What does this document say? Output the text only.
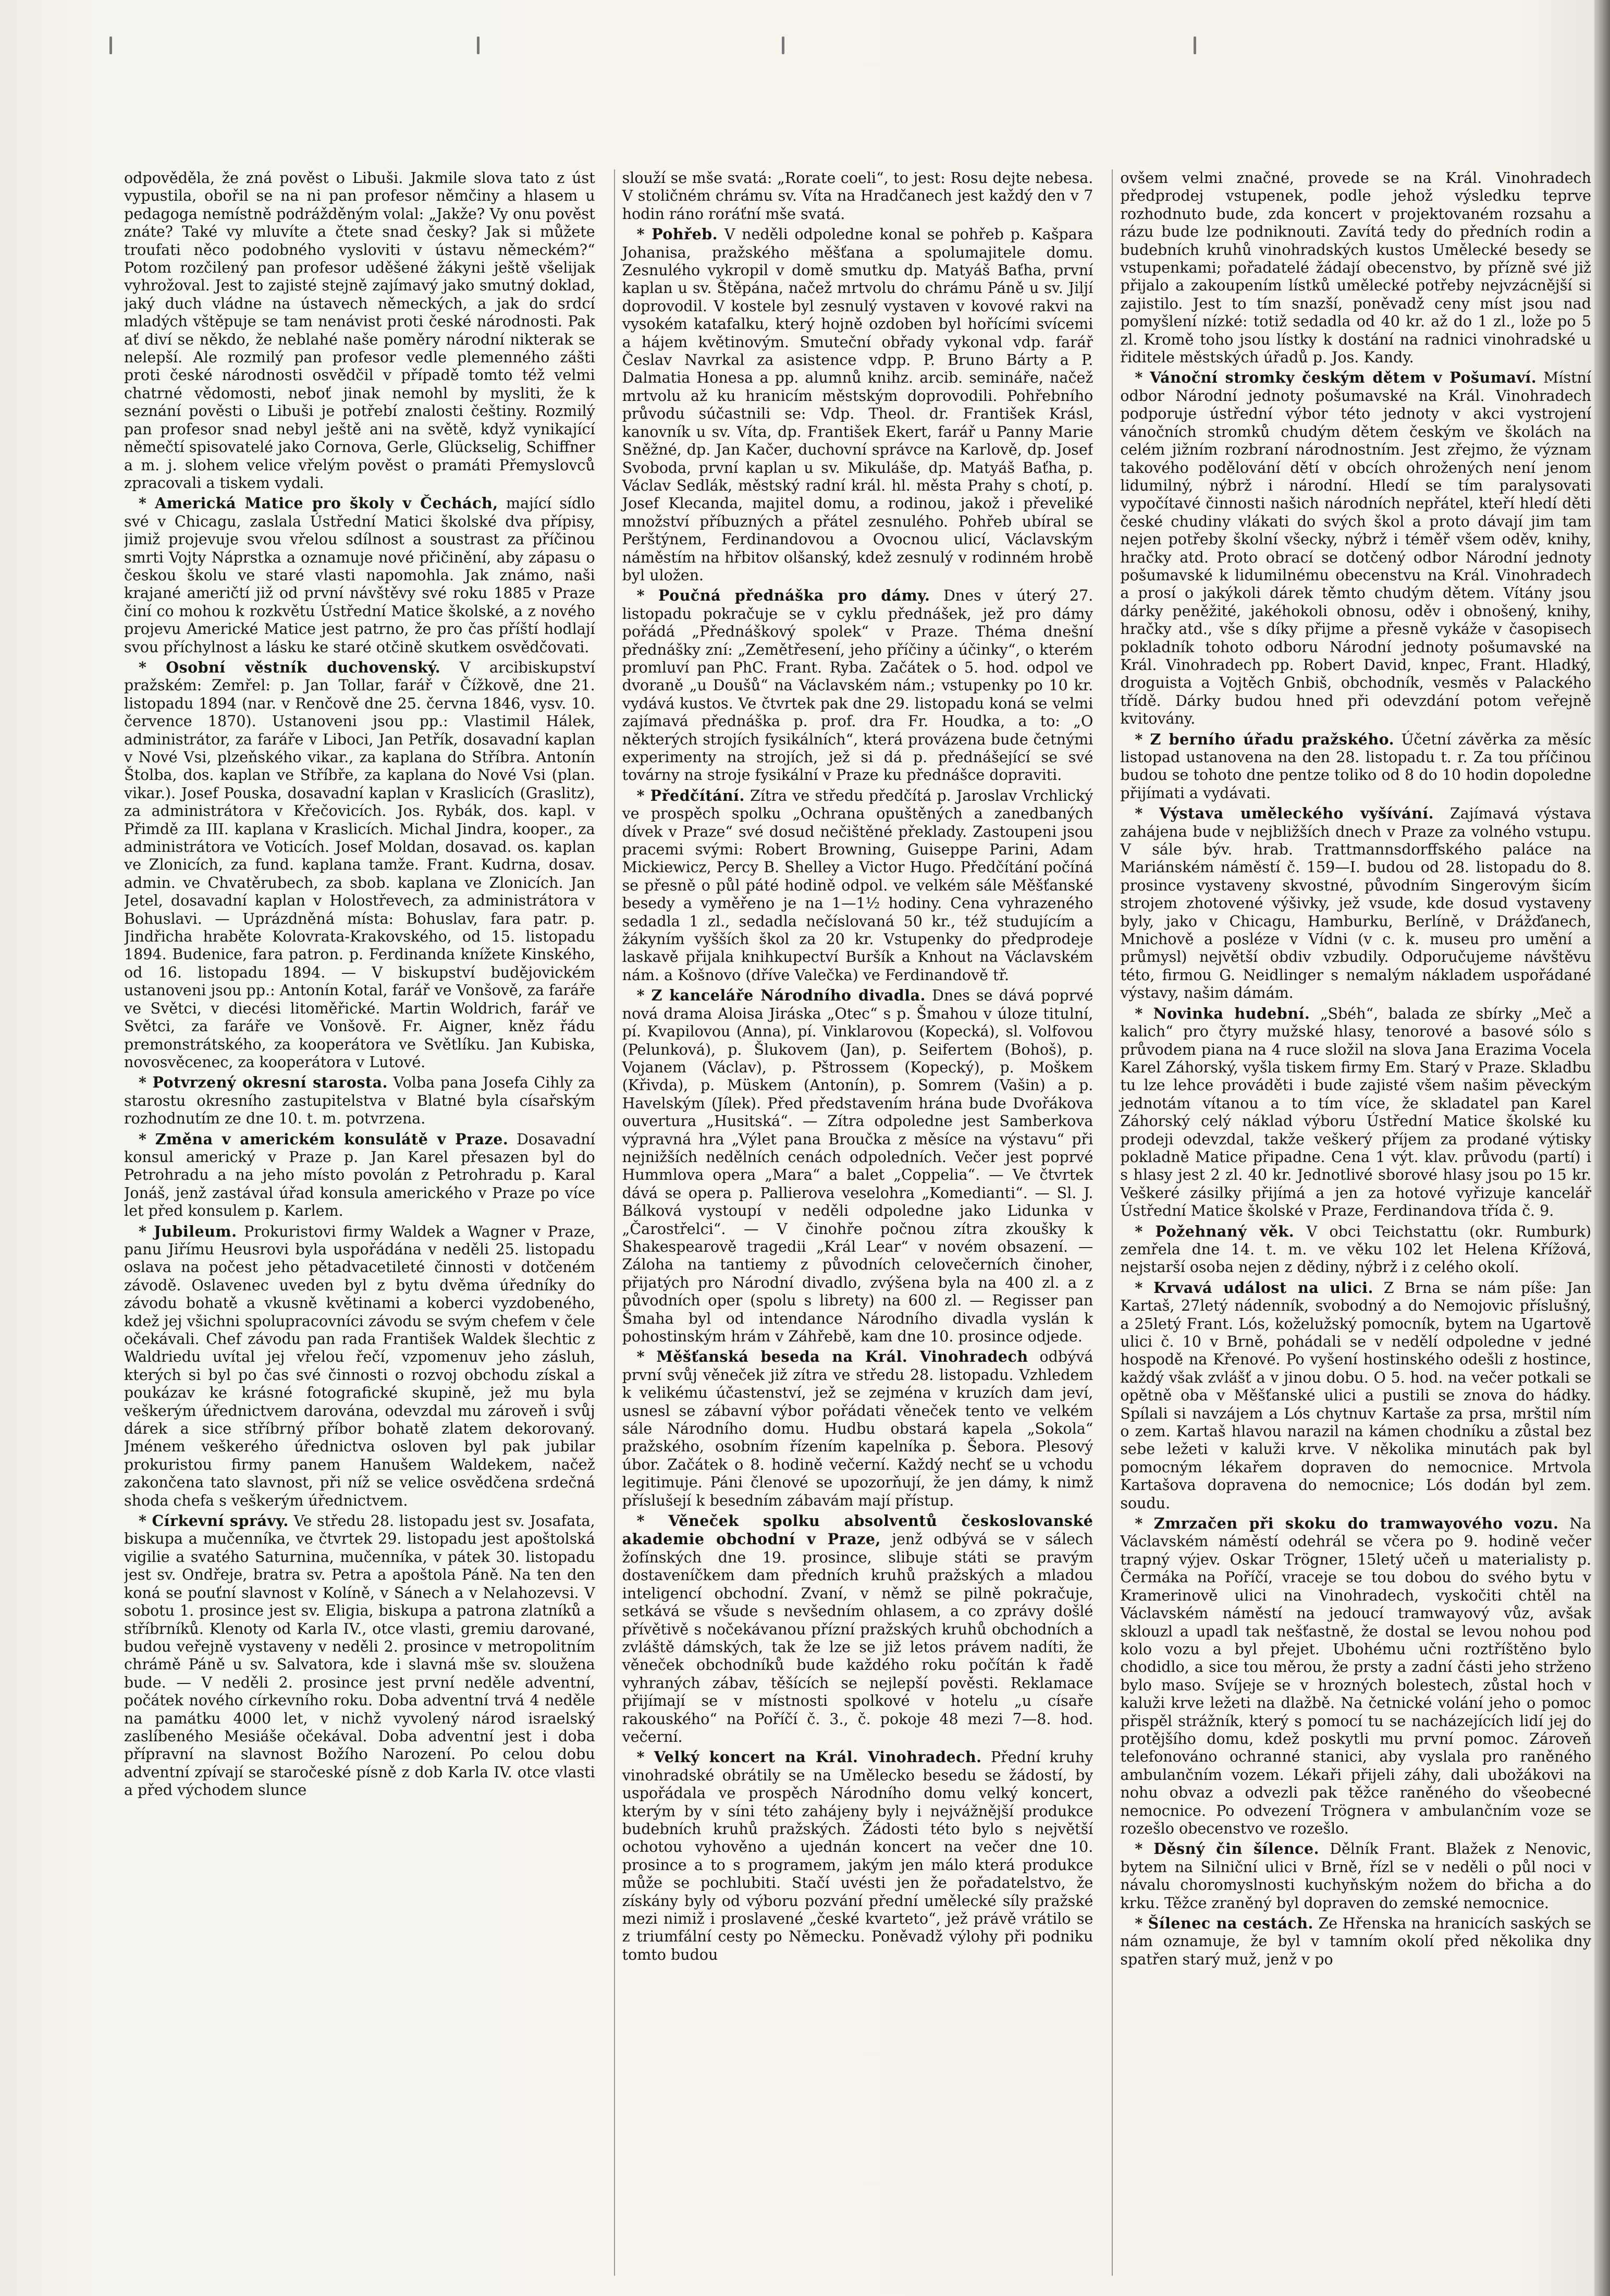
odpověděla, že zná pověst o Libuši. Jakmile slova tato z úst vypustila, obořil se na ni pan profesor němčiny a hlasem u pedagoga nemístně podrážděným volal: „Jakže? Vy onu pověst znáte? Také vy mluvíte a čtete snad česky? Jak si můžete troufati něco podobného vysloviti v ústavu německém?“ Potom rozčilený pan profesor uděšené žákyni ještě všelijak vyhrožoval. Jest to zajisté stejně zajímavý jako smutný doklad, jaký duch vládne na ústavech německých, a jak do srdcí mladých vštěpuje se tam nenávist proti české národnosti. Pak ať diví se někdo, že neblahé naše poměry národní nikterak se nelepší. Ale rozmilý pan profesor vedle plemenného zášti proti české národnosti osvědčil v případě tomto též velmi chatrné vědomosti, neboť jinak nemohl by mysliti, že k seznání pověsti o Libuši je potřebí znalosti češtiny. Rozmilý pan profesor snad nebyl ještě ani na světě, když vynikající němečtí spisovatelé jako Cornova, Gerle, Glückselig, Schiffner a m. j. slohem velice vřelým pověst o pramáti Přemyslovců zpracovali a tiskem vydali.

* Americká Matice pro školy v Čechách, mající sídlo své v Chicagu, zaslala Ústřední Matici školské dva přípisy, jimiž projevuje svou vřelou sdílnost a soustrast za příčinou smrti Vojty Náprstka a oznamuje nové přičinění, aby zápasu o českou školu ve staré vlasti napomohla. Jak známo, naši krajané američtí již od první návštěvy své roku 1885 v Praze činí co mohou k rozkvětu Ústřední Matice školské, a z nového projevu Americké Matice jest patrno, že pro čas příští hodlají svou příchylnost a lásku ke staré otčině skutkem osvědčovati.

* Osobní věstník duchovenský. V arcibiskupství pražském: Zemřel: p. Jan Tollar, farář v Čížkově, dne 21. listopadu 1894 (nar. v Renčově dne 25. června 1846, vysv. 10. července 1870). Ustanoveni jsou pp.: Vlastimil Hálek, administrátor, za faráře v Liboci, Jan Petřík, dosavadní kaplan v Nové Vsi, plzeňského vikar., za kaplana do Stříbra. Antonín Štolba, dos. kaplan ve Stříbře, za kaplana do Nové Vsi (plan. vikar.). Josef Pouska, dosavadní kaplan v Kraslicích (Graslitz), za administrátora v Křečovicích. Jos. Rybák, dos. kapl. v Přimdě za III. kaplana v Kraslicích. Michal Jindra, kooper., za administrátora ve Voticích. Josef Moldan, dosavad. os. kaplan ve Zlonicích, za fund. kaplana tamže. Frant. Kudrna, dosav. admin. ve Chvatěrubech, za sbob. kaplana ve Zlonicích. Jan Jetel, dosavadní kaplan v Holostřevech, za administrátora v Bohuslavi. — Uprázdněná místa: Bohuslav, fara patr. p. Jindřicha hraběte Kolovrata-Krakovského, od 15. listopadu 1894. Budenice, fara patron. p. Ferdinanda knížete Kinského, od 16. listopadu 1894. — V biskupství budějovickém ustanoveni jsou pp.: Antonín Kotal, farář ve Vonšově, za faráře ve Světci, v diecési litoměřické. Martin Woldrich, farář ve Světci, za faráře ve Vonšově. Fr. Aigner, kněz řádu premonstrátského, za kooperátora ve Světlíku. Jan Kubiska, novosvěcenec, za kooperátora v Lutové.

* Potvrzený okresní starosta. Volba pana Josefa Cihly za starostu okresního zastupitelstva v Blatné byla císařským rozhodnutím ze dne 10. t. m. potvrzena.

* Změna v americkém konsulátě v Praze. Dosavadní konsul americký v Praze p. Jan Karel přesazen byl do Petrohradu a na jeho místo povolán z Petrohradu p. Karal Jonáš, jenž zastával úřad konsula amerického v Praze po více let před konsulem p. Karlem.

* Jubileum. Prokuristovi firmy Waldek a Wagner v Praze, panu Jiřímu Heusrovi byla uspořádána v neděli 25. listopadu oslava na počest jeho pětadvacetileté činnosti v dotčeném závodě. Oslavenec uveden byl z bytu dvěma úředníky do závodu bohatě a vkusně květinami a koberci vyzdobeného, kdež jej všichni spolupracovníci závodu se svým chefem v čele očekávali. Chef závodu pan rada František Waldek šlechtic z Waldriedu uvítal jej vřelou řečí, vzpomenuv jeho zásluh, kterých si byl po čas své činnosti o rozvoj obchodu získal a poukázav ke krásné fotografické skupině, jež mu byla veškerým úřednictvem darována, odevzdal mu zároveň i svůj dárek a sice stříbrný příbor bohatě zlatem dekorovaný. Jménem veškerého úřednictva osloven byl pak jubilar prokuristou firmy panem Hanušem Waldekem, načež zakončena tato slavnost, při níž se velice osvědčena srdečná shoda chefa s veškerým úřednictvem.

* Církevní správy. Ve středu 28. listopadu jest sv. Josafata, biskupa a mučenníka, ve čtvrtek 29. listopadu jest apoštolská vigilie a svatého Saturnina, mučenníka, v pátek 30. listopadu jest sv. Ondřeje, bratra sv. Petra a apoštola Páně. Na ten den koná se pouťní slavnost v Kolíně, v Sánech a v Nelahozevsi. V sobotu 1. prosince jest sv. Eligia, biskupa a patrona zlatníků a stříbrníků. Klenoty od Karla IV., otce vlasti, gremiu darované, budou veřejně vystaveny v neděli 2. prosince v metropolitním chrámě Páně u sv. Salvatora, kde i slavná mše sv. sloužena bude. — V neděli 2. prosince jest první neděle adventní, počátek nového církevního roku. Doba adventní trvá 4 neděle na památku 4000 let, v nichž vyvolený národ israelský zaslíbeného Mesiáše očekával. Doba adventní jest i doba přípravní na slavnost Božího Narození. Po celou dobu adventní zpívají se staročeské písně z dob Karla IV. otce vlasti a před východem slunce

slouží se mše svatá: „Rorate coeli“, to jest: Rosu dejte nebesa. V stoličném chrámu sv. Víta na Hradčanech jest každý den v 7 hodin ráno roráťní mše svatá.

* Pohřeb. V neděli odpoledne konal se pohřeb p. Kašpara Johanisa, pražského měšťana a spolumajitele domu. Zesnulého vykropil v domě smutku dp. Matyáš Baťha, první kaplan u sv. Štěpána, načež mrtvolu do chrámu Páně u sv. Jiljí doprovodil. V kostele byl zesnulý vystaven v kovové rakvi na vysokém katafalku, který hojně ozdoben byl hořícími svícemi a hájem květinovým. Smuteční obřady vykonal vdp. farář Česlav Navrkal za asistence vdpp. P. Bruno Bárty a P. Dalmatia Honesa a pp. alumnů knihz. arcib. semináře, načež mrtvolu až ku hranicím městským doprovodili. Pohřebního průvodu súčastnili se: Vdp. Theol. dr. František Krásl, kanovník u sv. Víta, dp. František Ekert, farář u Panny Marie Sněžné, dp. Jan Kačer, duchovní správce na Karlově, dp. Josef Svoboda, první kaplan u sv. Mikuláše, dp. Matyáš Baťha, p. Václav Sedlák, městský radní král. hl. města Prahy s chotí, p. Josef Klecanda, majitel domu, a rodinou, jakož i převeliké množství příbuzných a přátel zesnulého. Pohřeb ubíral se Perštýnem, Ferdinandovou a Ovocnou ulicí, Václavským náměstím na hřbitov olšanský, kdež zesnulý v rodinném hrobě byl uložen.

* Poučná přednáška pro dámy. Dnes v úterý 27. listopadu pokračuje se v cyklu přednášek, jež pro dámy pořádá „Přednáškový spolek“ v Praze. Théma dnešní přednášky zní: „Zemětřesení, jeho příčiny a účinky“, o kterém promluví pan PhC. Frant. Ryba. Začátek o 5. hod. odpol ve dvoraně „u Doušů“ na Václavském nám.; vstupenky po 10 kr. vydává kustos. Ve čtvrtek pak dne 29. listopadu koná se velmi zajímavá přednáška p. prof. dra Fr. Houdka, a to: „O některých strojích fysikálních“, která provázena bude četnými experimenty na strojích, jež si dá p. přednášející se své továrny na stroje fysikální v Praze ku přednášce dopraviti.

* Předčítání. Zítra ve středu předčítá p. Jaroslav Vrchlický ve prospěch spolku „Ochrana opuštěných a zanedbaných dívek v Praze“ své dosud nečištěné překlady. Zastoupeni jsou pracemi svými: Robert Browning, Guiseppe Parini, Adam Mickiewicz, Percy B. Shelley a Victor Hugo. Předčítání počíná se přesně o půl páté hodině odpol. ve velkém sále Měšťanské besedy a vyměřeno je na 1—1½ hodiny. Cena vyhrazeného sedadla 1 zl., sedadla nečíslovaná 50 kr., též studujícím a žákyním vyšších škol za 20 kr. Vstupenky do předprodeje laskavě přijala knihkupectví Buršík a Knhout na Václavském nám. a Košnovo (dříve Valečka) ve Ferdinandově tř.

* Z kanceláře Národního divadla. Dnes se dává poprvé nová drama Aloisa Jiráska „Otec“ s p. Šmahou v úloze titulní, pí. Kvapilovou (Anna), pí. Vinklarovou (Kopecká), sl. Volfovou (Pelunková), p. Šlukovem (Jan), p. Seifertem (Bohoš), p. Vojanem (Václav), p. Pštrossem (Kopecký), p. Moškem (Křivda), p. Müskem (Antonín), p. Somrem (Vašin) a p. Havelským (Jílek). Před představením hrána bude Dvořákova ouvertura „Husitská“. — Zítra odpoledne jest Samberkova výpravná hra „Výlet pana Broučka z měsíce na výstavu“ při nejnižších nedělních cenách odpoledních. Večer jest poprvé Hummlova opera „Mara“ a balet „Coppelia“. — Ve čtvrtek dává se opera p. Pallierova veselohra „Komedianti“. — Sl. J. Bálková vystoupí v neděli odpoledne jako Lidunka v „Čarostřelci“. — V činohře počnou zítra zkoušky k Shakespearově tragedii „Král Lear“ v novém obsazení. — Záloha na tantiemy z původních celovečerních činoher, přijatých pro Národní divadlo, zvýšena byla na 400 zl. a z původních oper (spolu s librety) na 600 zl. — Regisser pan Šmaha byl od intendance Národního divadla vyslán k pohostinským hrám v Záhřebě, kam dne 10. prosince odjede.

* Měšťanská beseda na Král. Vinohradech odbývá první svůj věneček již zítra ve středu 28. listopadu. Vzhledem k velikému účastenství, jež se zejména v kruzích dam jeví, usnesl se zábavní výbor pořádati věneček tento ve velkém sále Národního domu. Hudbu obstará kapela „Sokola“ pražského, osobním řízením kapelníka p. Šebora. Plesový úbor. Začátek o 8. hodině večerní. Každý nechť se u vchodu legitimuje. Páni členové se upozorňují, že jen dámy, k nimž příslušejí k besedním zábavám mají přístup.

* Věneček spolku absolventů českoslovanské akademie obchodní v Praze, jenž odbývá se v sálech žofínských dne 19. prosince, slibuje státi se pravým dostaveníčkem dam předních kruhů pražských a mladou inteligencí obchodní. Zvaní, v němž se pilně pokračuje, setkává se všude s nevšedním ohlasem, a co zprávy došlé přívětivě s nočekávanou přízní pražských kruhů obchodních a zvláště dámských, tak že lze se již letos právem nadíti, že věneček obchodníků bude každého roku počítán k řadě vyhraných zábav, těšících se nejlepší pověsti. Reklamace přijímají se v místnosti spolkové v hotelu „u císaře rakouského“ na Poříčí č. 3., č. pokoje 48 mezi 7—8. hod. večerní.

* Velký koncert na Král. Vinohradech. Přední kruhy vinohradské obrátily se na Umělecko besedu se žádostí, by uspořádala ve prospěch Národního domu velký koncert, kterým by v síni této zahájeny byly i nejvážnější produkce budebních kruhů pražských. Žádosti této bylo s největší ochotou vyhověno a ujednán koncert na večer dne 10. prosince a to s programem, jakým jen málo která produkce může se pochlubiti. Stačí uvésti jen že pořadatelstvo, že získány byly od výboru pozvání přední umělecké síly pražské mezi nimiž i proslavené „české kvarteto“, jež právě vrátilo se z triumfální cesty po Německu. Poněvadž výlohy při podniku tomto budou

ovšem velmi značné, provede se na Král. Vinohradech předprodej vstupenek, podle jehož výsledku teprve rozhodnuto bude, zda koncert v projektovaném rozsahu a rázu bude lze podniknouti. Zavítá tedy do předních rodin a budebních kruhů vinohradských kustos Umělecké besedy se vstupenkami; pořadatelé žádají obecenstvo, by přízně své již přijalo a zakoupením lístků umělecké potřeby nejvzácnější si zajistilo. Jest to tím snazší, poněvadž ceny míst jsou nad pomyšlení nízké: totiž sedadla od 40 kr. až do 1 zl., lože po 5 zl. Kromě toho jsou lístky k dostání na radnici vinohradské u řiditele městských úřadů p. Jos. Kandy.

* Vánoční stromky českým dětem v Pošumaví. Místní odbor Národní jednoty pošumavské na Král. Vinohradech podporuje ústřední výbor této jednoty v akci vystrojení vánočních stromků chudým dětem českým ve školách na celém jižním rozbraní národnostním. Jest zřejmo, že význam takového podělování dětí v obcích ohrožených není jenom lidumilný, nýbrž i národní. Hledí se tím paralysovati vypočítavé činnosti našich národních nepřátel, kteří hledí děti české chudiny vlákati do svých škol a proto dávají jim tam nejen potřeby školní všecky, nýbrž i téměř všem oděv, knihy, hračky atd. Proto obrací se dotčený odbor Národní jednoty pošumavské k lidumilnému obecenstvu na Král. Vinohradech a prosí o jakýkoli dárek těmto chudým dětem. Vítány jsou dárky peněžité, jakéhokoli obnosu, oděv i obnošený, knihy, hračky atd., vše s díky přijme a přesně vykáže v časopisech pokladník tohoto odboru Národní jednoty pošumavské na Král. Vinohradech pp. Robert David, knpec, Frant. Hladký, droguista a Vojtěch Gnbiš, obchodník, vesměs v Palackého třídě. Dárky budou hned při odevzdání potom veřejně kvitovány.

* Z berního úřadu pražského. Účetní závěrka za měsíc listopad ustanovena na den 28. listopadu t. r. Za tou příčinou budou se tohoto dne pentze toliko od 8 do 10 hodin dopoledne přijímati a vydávati.

* Výstava uměleckého vyšívání. Zajímavá výstava zahájena bude v nejbližších dnech v Praze za volného vstupu. V sále býv. hrab. Trattmannsdorffského paláce na Mariánském náměstí č. 159—I. budou od 28. listopadu do 8. prosince vystaveny skvostné, původním Singerovým šicím strojem zhotovené výšivky, jež vsude, kde dosud vystaveny byly, jako v Chicagu, Hamburku, Berlíně, v Drážďanech, Mnichově a posléze v Vídni (v c. k. museu pro umění a průmysl) největší obdiv vzbudily. Odporučujeme návštěvu této, firmou G. Neidlinger s nemalým nákladem uspořádané výstavy, našim dámám.

* Novinka hudební. „Sbéh“, balada ze sbírky „Meč a kalich“ pro čtyry mužské hlasy, tenorové a basové sólo s průvodem piana na 4 ruce složil na slova Jana Erazima Vocela Karel Záhorský, vyšla tiskem firmy Em. Starý v Praze. Skladbu tu lze lehce prováděti i bude zajisté všem našim pěveckým jednotám vítanou a to tím více, že skladatel pan Karel Záhorský celý náklad výboru Ústřední Matice školské ku prodeji odevzdal, takže veškerý příjem za prodané výtisky pokladně Matice připadne. Cena 1 výt. klav. průvodu (partí) i s hlasy jest 2 zl. 40 kr. Jednotlivé sborové hlasy jsou po 15 kr. Veškeré zásilky přijímá a jen za hotové vyřizuje kancelář Ústřední Matice školské v Praze, Ferdinandova třída č. 9.

* Požehnaný věk. V obci Teichstattu (okr. Rumburk) zemřela dne 14. t. m. ve věku 102 let Helena Křížová, nejstarší osoba nejen z dědiny, nýbrž i z celého okolí.

* Krvavá událost na ulici. Z Brna se nám píše: Jan Kartaš, 27letý nádenník, svobodný a do Nemojovic příslušný, a 25letý Frant. Lós, koželužský pomocník, bytem na Ugartově ulici č. 10 v Brně, pohádali se v nedělí odpoledne v jedné hospodě na Křenové. Po vyšení hostinského odešli z hostince, každý však zvlášť a v jinou dobu. O 5. hod. na večer potkali se opětně oba v Měšťanské ulici a pustili se znova do hádky. Spílali si navzájem a Lós chytnuv Kartaše za prsa, mrštil ním o zem. Kartaš hlavou narazil na kámen chodníku a zůstal bez sebe ležeti v kaluži krve. V několika minutách pak byl pomocným lékařem dopraven do nemocnice. Mrtvola Kartašova dopravena do nemocnice; Lós dodán byl zem. soudu.

* Zmrzačen při skoku do tramwayového vozu. Na Václavském náměstí odehrál se včera po 9. hodině večer trapný výjev. Oskar Trögner, 15letý učeň u materialisty p. Čermáka na Poříčí, vraceje se tou dobou do svého bytu v Kramerinově ulici na Vinohradech, vyskočiti chtěl na Václavském náměstí na jedoucí tramwayový vůz, avšak sklouzl a upadl tak nešťastně, že dostal se levou nohou pod kolo vozu a byl přejet. Ubohému učni roztříštěno bylo chodidlo, a sice tou měrou, že prsty a zadní části jeho strženo bylo maso. Svíjeje se v hrozných bolestech, zůstal hoch v kaluži krve ležeti na dlažbě. Na četnické volání jeho o pomoc přispěl strážník, který s pomocí tu se nacházejících lidí jej do protějšího domu, kdež poskytli mu první pomoc. Zároveň telefonováno ochranné stanici, aby vyslala pro raněného ambulančním vozem. Lékaři přijeli záhy, dali ubožákovi na nohu obvaz a odvezli pak těžce raněného do všeobecné nemocnice. Po odvezení Trögnera v ambulančním voze se rozešlo obecenstvo ve rozešlo.

* Děsný čin šílence. Dělník Frant. Blažek z Nenovic, bytem na Silniční ulici v Brně, řízl se v neděli o půl noci v návalu choromyslnosti kuchyňským nožem do břicha a do krku. Těžce zraněný byl dopraven do zemské nemocnice.

* Šílenec na cestách. Ze Hřenska na hranicích saských se nám oznamuje, že byl v tamním okolí před několika dny spatřen starý muž, jenž v po
